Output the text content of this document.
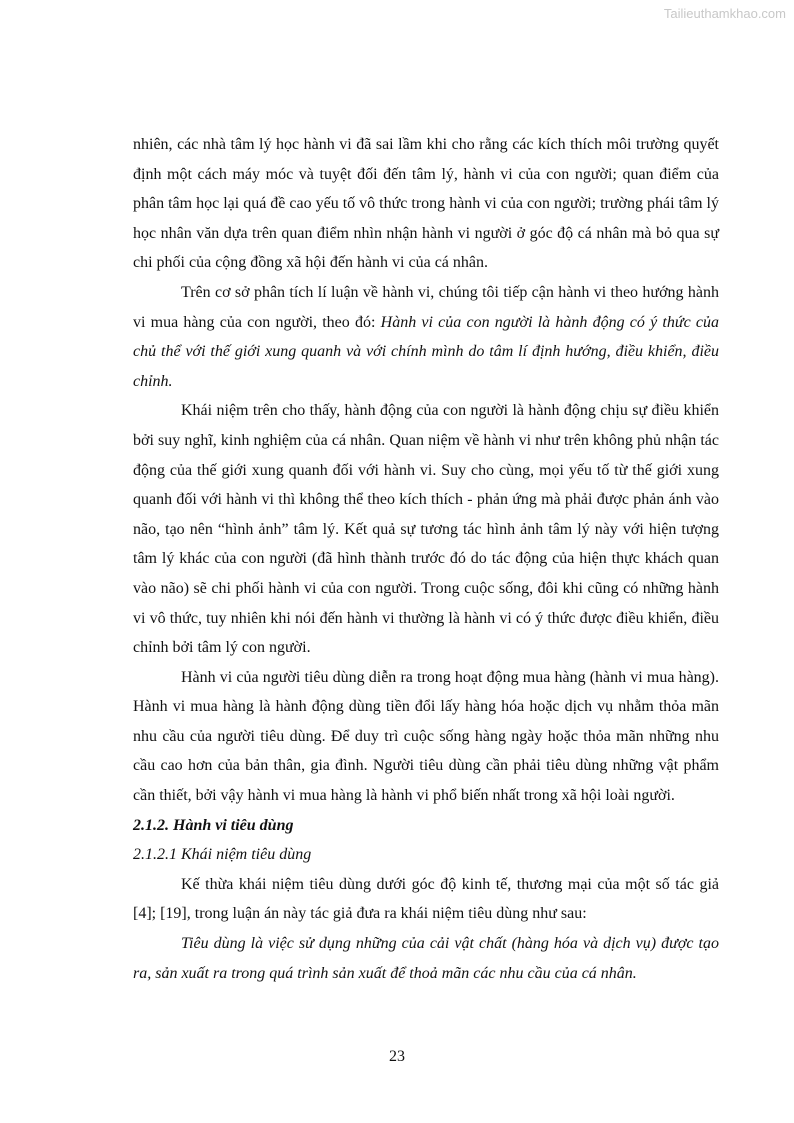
Tailieuthamkhao.com

nhiên, các nhà tâm lý học hành vi đã sai lầm khi cho rằng các kích thích môi trường quyết định một cách máy móc và tuyệt đối đến tâm lý, hành vi của con người; quan điểm của phân tâm học lại quá đề cao yếu tố vô thức trong hành vi của con người; trường phái tâm lý học nhân văn dựa trên quan điểm nhìn nhận hành vi người ở góc độ cá nhân mà bỏ qua sự chi phối của cộng đồng xã hội đến hành vi của cá nhân.

Trên cơ sở phân tích lí luận về hành vi, chúng tôi tiếp cận hành vi theo hướng hành vi mua hàng của con người, theo đó: Hành vi của con người là hành động có ý thức của chủ thể với thế giới xung quanh và với chính mình do tâm lí định hướng, điều khiển, điều chỉnh.

Khái niệm trên cho thấy, hành động của con người là hành động chịu sự điều khiển bởi suy nghĩ, kinh nghiệm của cá nhân. Quan niệm về hành vi như trên không phủ nhận tác động của thế giới xung quanh đối với hành vi. Suy cho cùng, mọi yếu tố từ thế giới xung quanh đối với hành vi thì không thể theo kích thích - phản ứng mà phải được phản ánh vào não, tạo nên “hình ảnh” tâm lý. Kết quả sự tương tác hình ảnh tâm lý này với hiện tượng tâm lý khác của con người (đã hình thành trước đó do tác động của hiện thực khách quan vào não) sẽ chi phối hành vi của con người. Trong cuộc sống, đôi khi cũng có những hành vi vô thức, tuy nhiên khi nói đến hành vi thường là hành vi có ý thức được điều khiển, điều chỉnh bởi tâm lý con người.

Hành vi của người tiêu dùng diễn ra trong hoạt động mua hàng (hành vi mua hàng). Hành vi mua hàng là hành động dùng tiền đổi lấy hàng hóa hoặc dịch vụ nhằm thỏa mãn nhu cầu của người tiêu dùng. Để duy trì cuộc sống hàng ngày hoặc thỏa mãn những nhu cầu cao hơn của bản thân, gia đình. Người tiêu dùng cần phải tiêu dùng những vật phẩm cần thiết, bởi vậy hành vi mua hàng là hành vi phổ biến nhất trong xã hội loài người.

2.1.2. Hành vi tiêu dùng

2.1.2.1 Khái niệm tiêu dùng

Kế thừa khái niệm tiêu dùng dưới góc độ kinh tế, thương mại của một số tác giả [4]; [19], trong luận án này tác giả đưa ra khái niệm tiêu dùng như sau:

Tiêu dùng là việc sử dụng những của cải vật chất (hàng hóa và dịch vụ) được tạo ra, sản xuất ra trong quá trình sản xuất để thoả mãn các nhu cầu của cá nhân.

23
